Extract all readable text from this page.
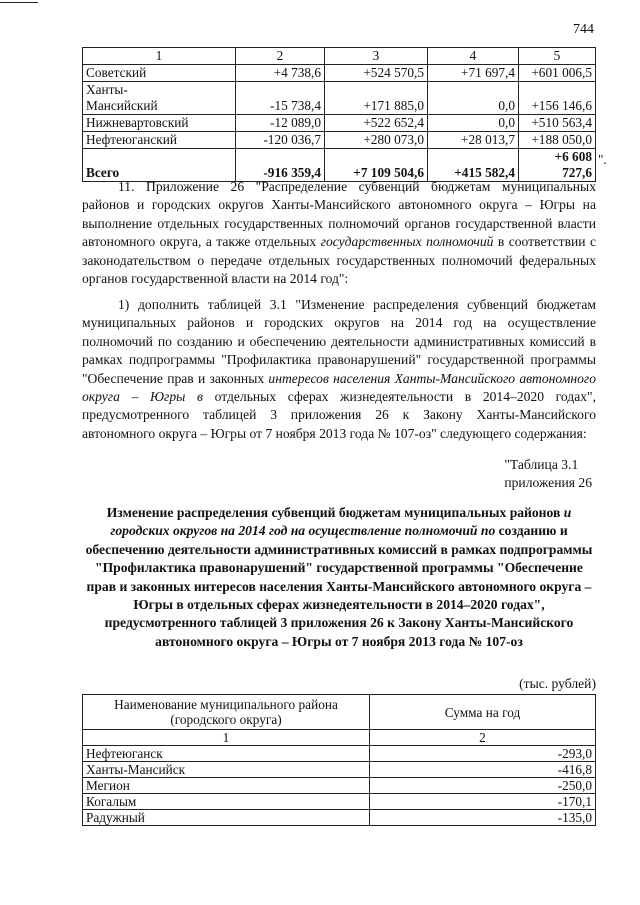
744
1	2	3	4	5
Советский	+4 738,6	+524 570,5	+71 697,4	+601 006,5
Ханты-
Мансийский	-15 738,4	+171 885,0	0,0	+156 146,6
Нижневартовский	-12 089,0	+522 652,4	0,0	+510 563,4
Нефтеюганский	-120 036,7	+280 073,0	+28 013,7	+188 050,0
Всего	-916 359,4	+7 109 504,6	+415 582,4	+6 608 727,6
".

11. Приложение 26 "Распределение субвенций бюджетам муниципальных районов и городских округов Ханты-Мансийского автономного округа – Югры на выполнение отдельных государственных полномочий органов государственной власти автономного округа, а также отдельных государственных полномочий в соответствии с законодательством о передаче отдельных государственных полномочий федеральных органов государственной власти на 2014 год":

1) дополнить таблицей 3.1 "Изменение распределения субвенций бюджетам муниципальных районов и городских округов на 2014 год на осуществление полномочий по созданию и обеспечению деятельности административных комиссий в рамках подпрограммы "Профилактика правонарушений" государственной программы "Обеспечение прав и законных интересов населения Ханты-Мансийского автономного округа – Югры в отдельных сферах жизнедеятельности в 2014–2020 годах", предусмотренного таблицей 3 приложения 26 к Закону Ханты-Мансийского автономного округа – Югры от 7 ноября 2013 года № 107-оз" следующего содержания:

"Таблица 3.1
приложения 26

Изменение распределения субвенций бюджетам муниципальных районов и городских округов на 2014 год на осуществление полномочий по созданию и обеспечению деятельности административных комиссий в рамках подпрограммы "Профилактика правонарушений" государственной программы "Обеспечение прав и законных интересов населения Ханты-Мансийского автономного округа – Югры в отдельных сферах жизнедеятельности в 2014–2020 годах", предусмотренного таблицей 3 приложения 26 к Закону Ханты-Мансийского автономного округа – Югры от 7 ноября 2013 года № 107-оз

(тыс. рублей)
Наименование муниципального района (городского округа)	Сумма на год
1	2
Нефтеюганск	-293,0
Ханты-Мансийск	-416,8
Мегион	-250,0
Когалым	-170,1
Радужный	-135,0
